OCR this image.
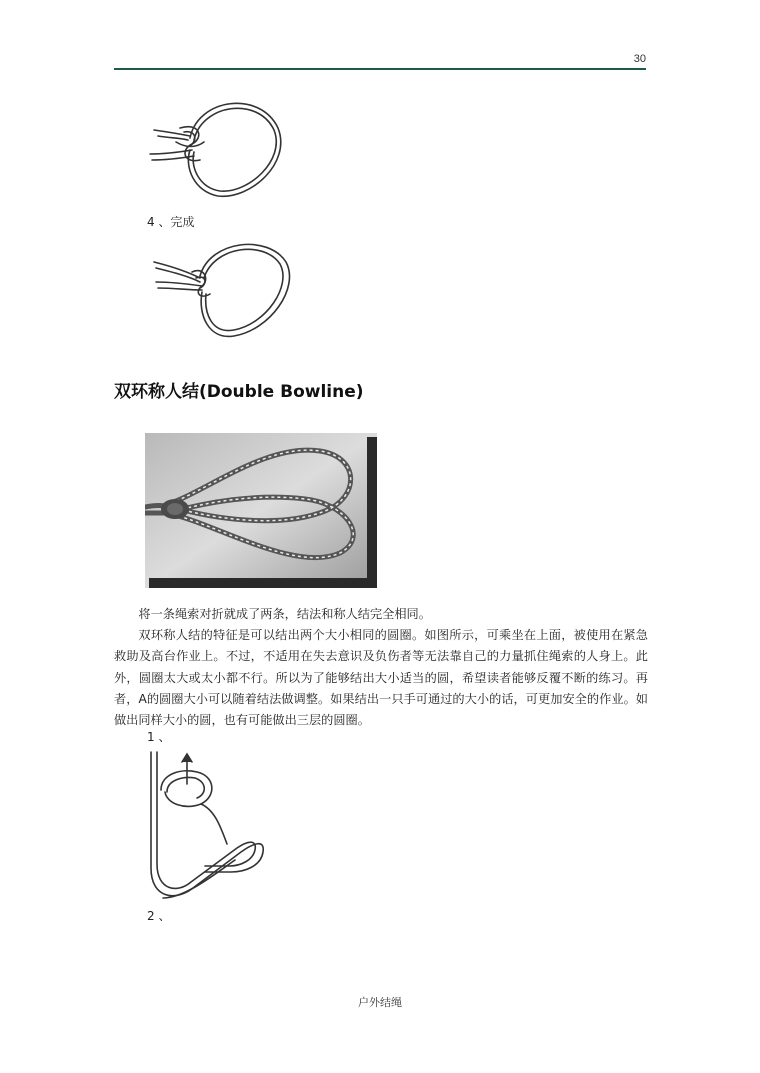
30
4 、完成
双环称人结(Double Bowline)

将一条绳索对折就成了两条，结法和称人结完全相同。

双环称人结的特征是可以结出两个大小相同的圆圈。如图所示，可乘坐在上面，被使用在紧急救助及高台作业上。不过，不适用在失去意识及负伤者等无法靠自己的力量抓住绳索的人身上。此外，圆圈太大或太小都不行。所以为了能够结出大小适当的圆，希望读者能够反覆不断的练习。再者，A的圆圈大小可以随着结法做调整。如果结出一只手可通过的大小的话，可更加安全的作业。如做出同样大小的圆，也有可能做出三层的圆圈。

1 、
2 、
户外结绳
